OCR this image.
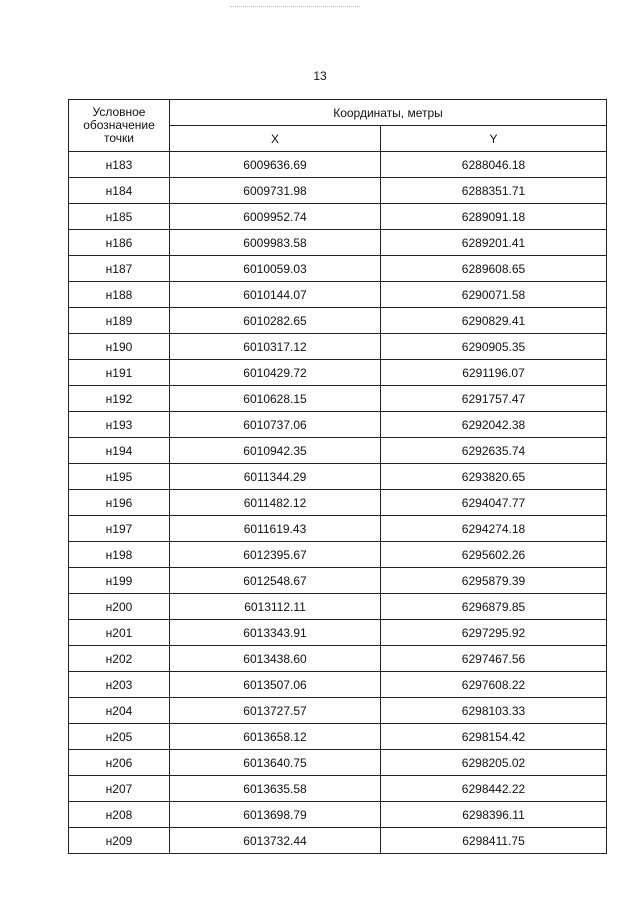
13
Условное обозначение точки	Координаты, метры	
	X	Y
н183	6009636.69	6288046.18
н184	6009731.98	6288351.71
н185	6009952.74	6289091.18
н186	6009983.58	6289201.41
н187	6010059.03	6289608.65
н188	6010144.07	6290071.58
н189	6010282.65	6290829.41
н190	6010317.12	6290905.35
н191	6010429.72	6291196.07
н192	6010628.15	6291757.47
н193	6010737.06	6292042.38
н194	6010942.35	6292635.74
н195	6011344.29	6293820.65
н196	6011482.12	6294047.77
н197	6011619.43	6294274.18
н198	6012395.67	6295602.26
н199	6012548.67	6295879.39
н200	6013112.11	6296879.85
н201	6013343.91	6297295.92
н202	6013438.60	6297467.56
н203	6013507.06	6297608.22
н204	6013727.57	6298103.33
н205	6013658.12	6298154.42
н206	6013640.75	6298205.02
н207	6013635.58	6298442.22
н208	6013698.79	6298396.11
н209	6013732.44	6298411.75
